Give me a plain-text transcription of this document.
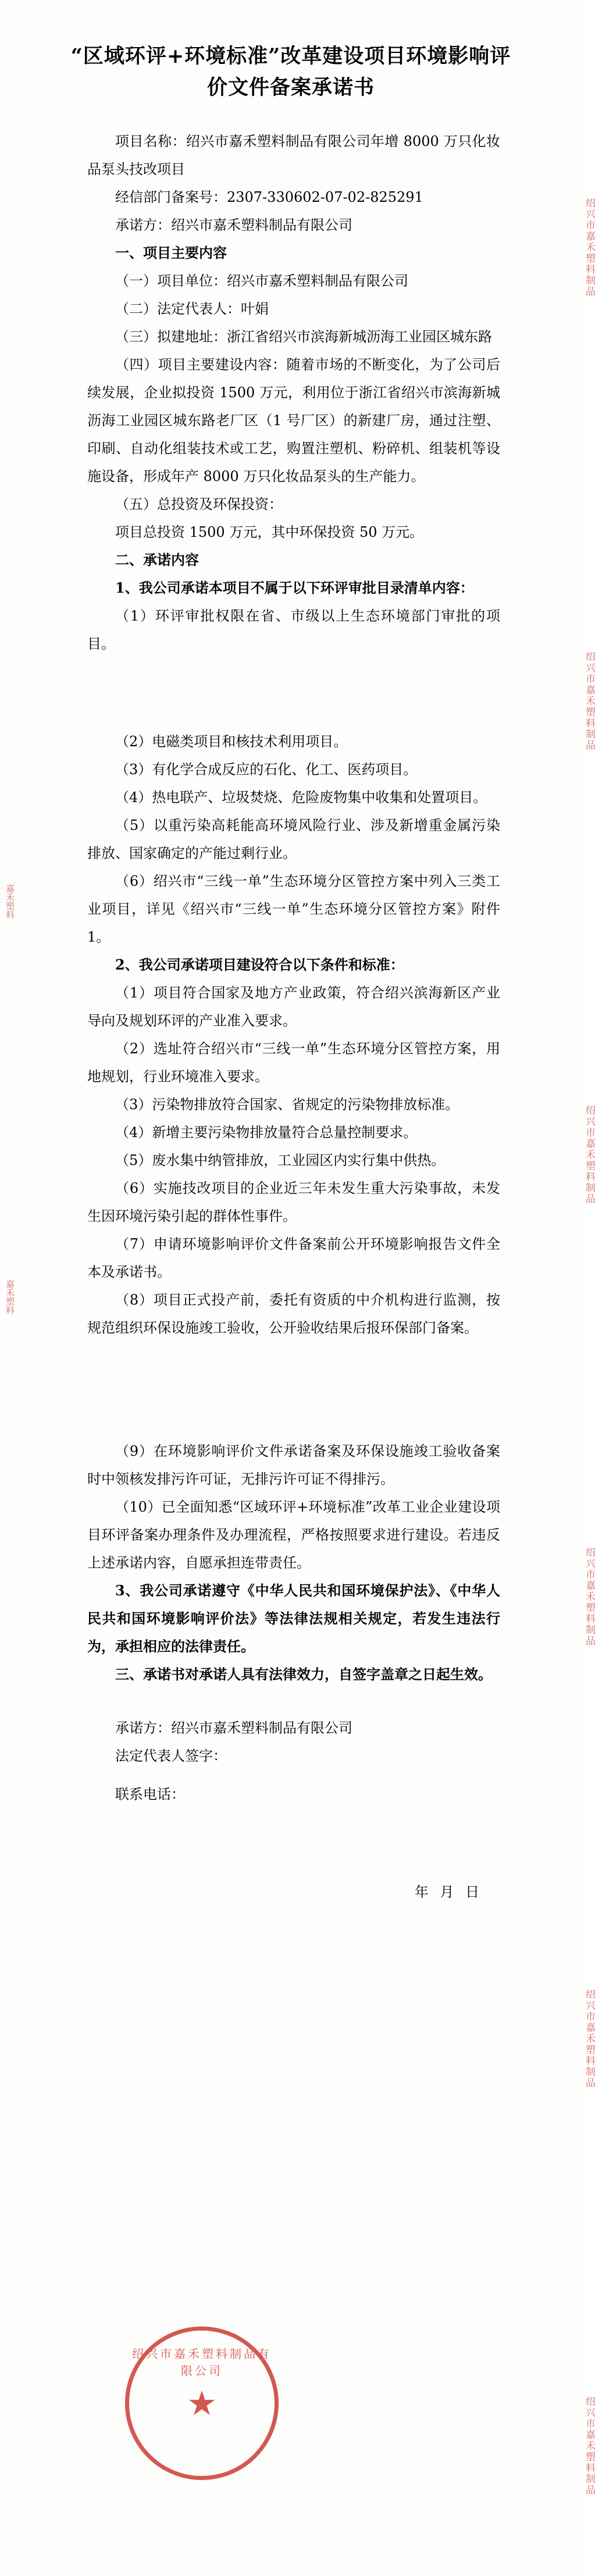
“区域环评+环境标准”改革建设项目环境影响评价文件备案承诺书

项目名称：绍兴市嘉禾塑料制品有限公司年增 8000 万只化妆品泵头技改项目

经信部门备案号：2307-330602-07-02-825291

承诺方：绍兴市嘉禾塑料制品有限公司

一、项目主要内容

（一）项目单位：绍兴市嘉禾塑料制品有限公司

（二）法定代表人：叶娟

（三）拟建地址：浙江省绍兴市滨海新城沥海工业园区城东路

（四）项目主要建设内容：随着市场的不断变化，为了公司后续发展，企业拟投资 1500 万元，利用位于浙江省绍兴市滨海新城沥海工业园区城东路老厂区（1 号厂区）的新建厂房，通过注塑、印刷、自动化组装技术或工艺，购置注塑机、粉碎机、组装机等设施设备，形成年产 8000 万只化妆品泵头的生产能力。

（五）总投资及环保投资：

项目总投资 1500 万元，其中环保投资 50 万元。

二、承诺内容

1、我公司承诺本项目不属于以下环评审批目录清单内容：

（1）环评审批权限在省、市级以上生态环境部门审批的项目。

（2）电磁类项目和核技术利用项目。

（3）有化学合成反应的石化、化工、医药项目。

（4）热电联产、垃圾焚烧、危险废物集中收集和处置项目。

（5）以重污染高耗能高环境风险行业、涉及新增重金属污染排放、国家确定的产能过剩行业。

（6）绍兴市“三线一单”生态环境分区管控方案中列入三类工业项目，详见《绍兴市“三线一单”生态环境分区管控方案》附件 1。

2、我公司承诺项目建设符合以下条件和标准：

（1）项目符合国家及地方产业政策，符合绍兴滨海新区产业导向及规划环评的产业准入要求。

（2）选址符合绍兴市“三线一单”生态环境分区管控方案，用地规划，行业环境准入要求。

（3）污染物排放符合国家、省规定的污染物排放标准。

（4）新增主要污染物排放量符合总量控制要求。

（5）废水集中纳管排放，工业园区内实行集中供热。

（6）实施技改项目的企业近三年未发生重大污染事故，未发生因环境污染引起的群体性事件。

（7）申请环境影响评价文件备案前公开环境影响报告文件全本及承诺书。

（8）项目正式投产前，委托有资质的中介机构进行监测，按规范组织环保设施竣工验收，公开验收结果后报环保部门备案。

（9）在环境影响评价文件承诺备案及环保设施竣工验收备案时中领核发排污许可证，无排污许可证不得排污。

（10）已全面知悉“区域环评+环境标准”改革工业企业建设项目环评备案办理条件及办理流程，严格按照要求进行建设。若违反上述承诺内容，自愿承担连带责任。

3、我公司承诺遵守《中华人民共和国环境保护法》、《中华人民共和国环境影响评价法》等法律法规相关规定，若发生违法行为，承担相应的法律责任。

三、承诺书对承诺人具有法律效力，自签字盖章之日起生效。

承诺方：绍兴市嘉禾塑料制品有限公司

法定代表人签字：

联系电话：

年 月 日
绍兴市嘉禾塑料制品有限公司
★
绍兴市嘉禾塑料制品
绍兴市嘉禾塑料制品
绍兴市嘉禾塑料制品
绍兴市嘉禾塑料制品
绍兴市嘉禾塑料制品
绍兴市嘉禾塑料制品
嘉禾塑料
嘉禾塑料
